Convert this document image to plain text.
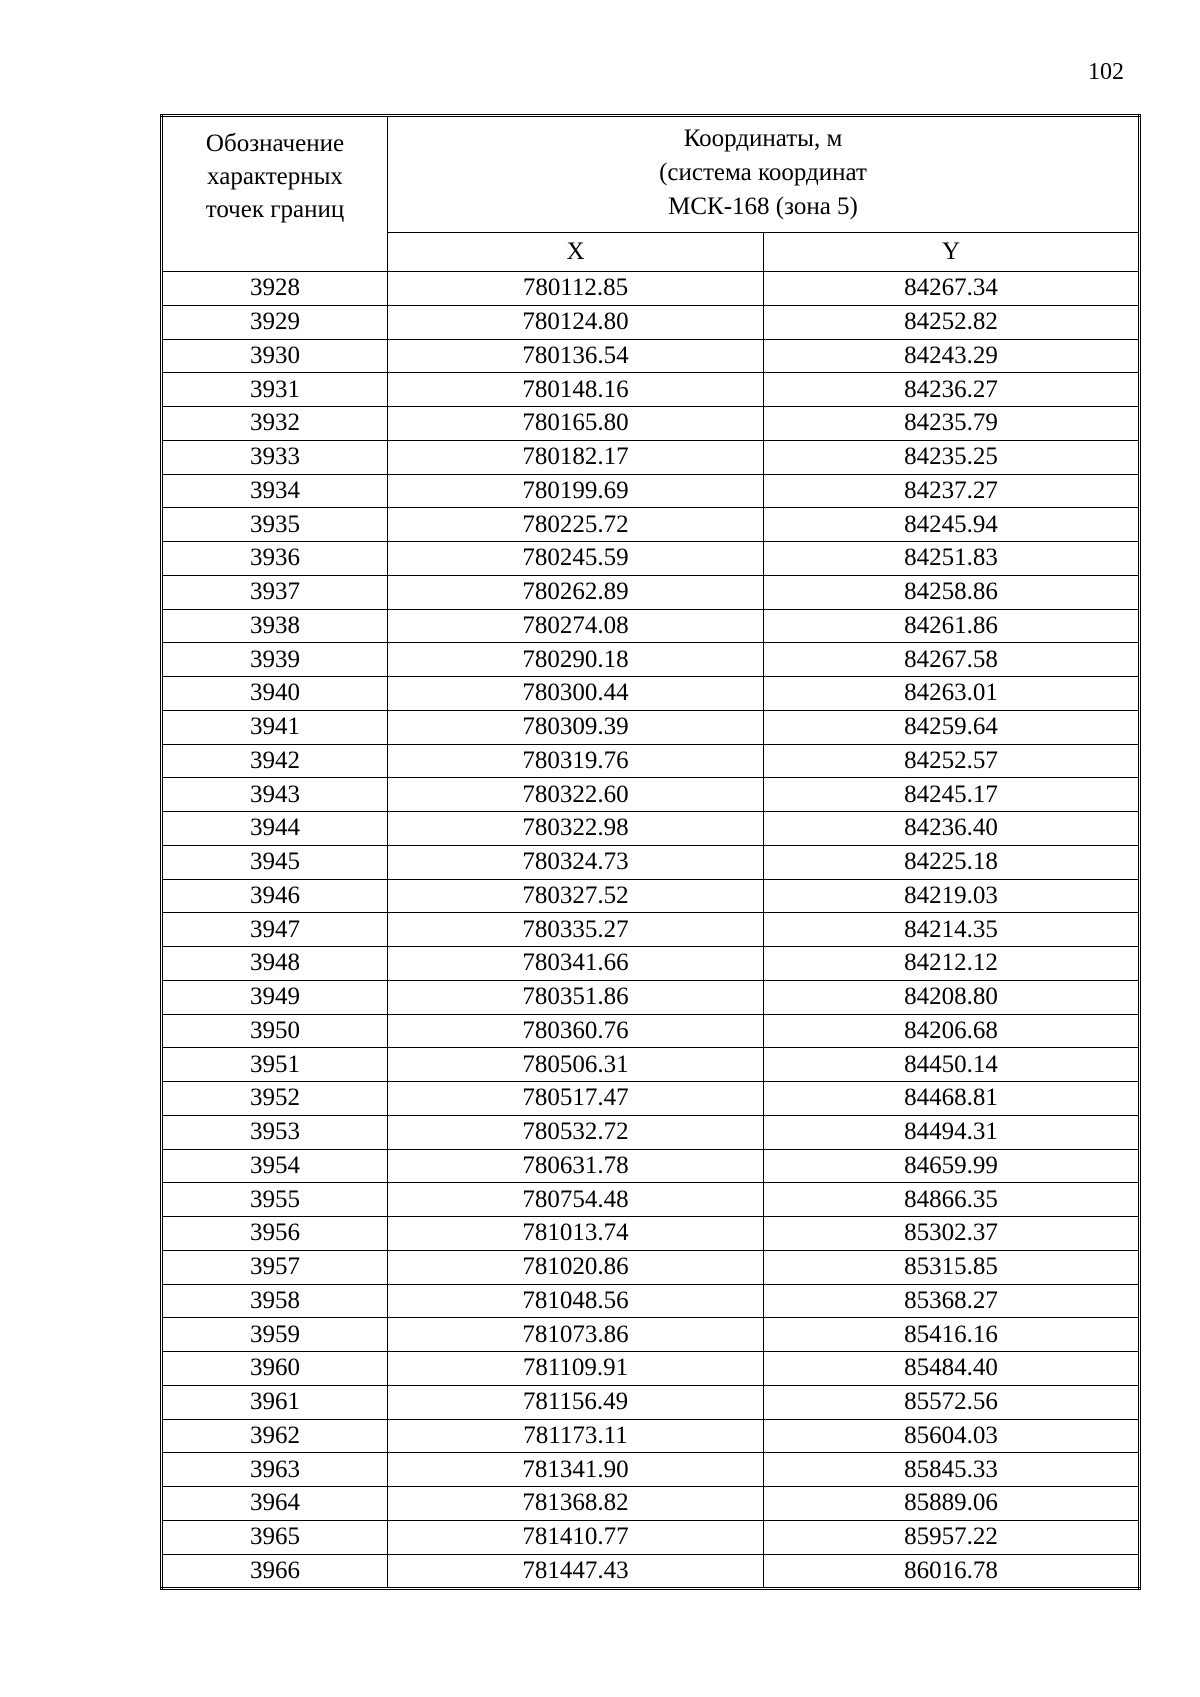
102
Обозначение
характерных
точек границ	Координаты, м
(система координат
МСК-168 (зона 5)	

	X	Y
3928	780112.85	84267.34
3929	780124.80	84252.82
3930	780136.54	84243.29
3931	780148.16	84236.27
3932	780165.80	84235.79
3933	780182.17	84235.25
3934	780199.69	84237.27
3935	780225.72	84245.94
3936	780245.59	84251.83
3937	780262.89	84258.86
3938	780274.08	84261.86
3939	780290.18	84267.58
3940	780300.44	84263.01
3941	780309.39	84259.64
3942	780319.76	84252.57
3943	780322.60	84245.17
3944	780322.98	84236.40
3945	780324.73	84225.18
3946	780327.52	84219.03
3947	780335.27	84214.35
3948	780341.66	84212.12
3949	780351.86	84208.80
3950	780360.76	84206.68
3951	780506.31	84450.14
3952	780517.47	84468.81
3953	780532.72	84494.31
3954	780631.78	84659.99
3955	780754.48	84866.35
3956	781013.74	85302.37
3957	781020.86	85315.85
3958	781048.56	85368.27
3959	781073.86	85416.16
3960	781109.91	85484.40
3961	781156.49	85572.56
3962	781173.11	85604.03
3963	781341.90	85845.33
3964	781368.82	85889.06
3965	781410.77	85957.22
3966	781447.43	86016.78
